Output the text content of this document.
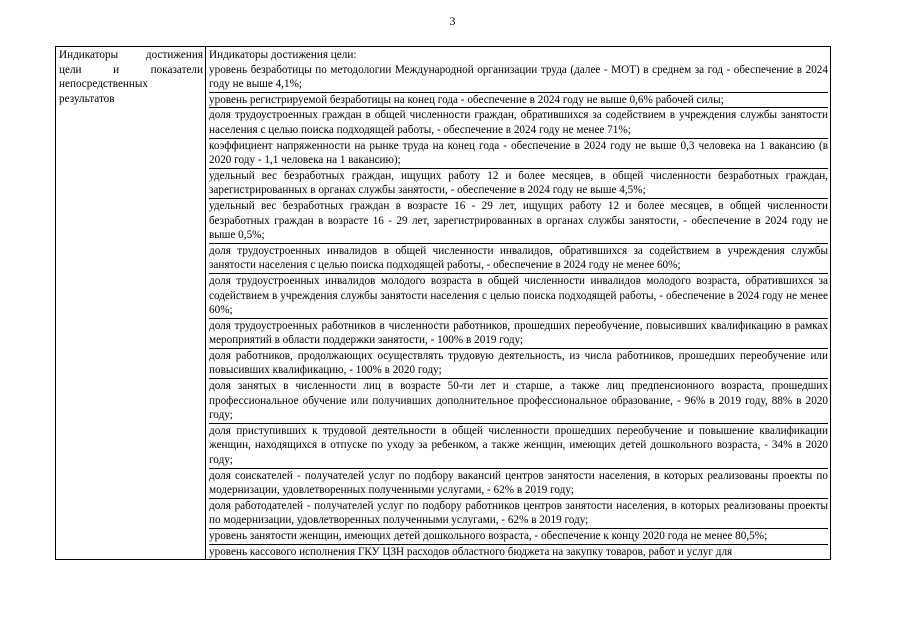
3
Индикаторы достижения цели и показатели непосредственных результатов	
Индикаторы достижения цели:
уровень безработицы по методологии Международной организации труда (далее - МОТ) в среднем за год - обеспечение в 2024 году не выше 4,1%;
уровень регистрируемой безработицы на конец года - обеспечение в 2024 году не выше 0,6% рабочей силы;
доля трудоустроенных граждан в общей численности граждан, обратившихся за содействием в учреждения службы занятости населения с целью поиска подходящей работы, - обеспечение в 2024 году не менее 71%;
коэффициент напряженности на рынке труда на конец года - обеспечение в 2024 году не выше 0,3 человека на 1 вакансию (в 2020 году - 1,1 человека на 1 вакансию);
удельный вес безработных граждан, ищущих работу 12 и более месяцев, в общей численности безработных граждан, зарегистрированных в органах службы занятости, - обеспечение в 2024 году не выше 4,5%;
удельный вес безработных граждан в возрасте 16 - 29 лет, ищущих работу 12 и более месяцев, в общей численности безработных граждан в возрасте 16 - 29 лет, зарегистрированных в органах службы занятости, - обеспечение в 2024 году не выше 0,5%;
доля трудоустроенных инвалидов в общей численности инвалидов, обратившихся за содействием в учреждения службы занятости населения с целью поиска подходящей работы, - обеспечение в 2024 году не менее 60%;
доля трудоустроенных инвалидов молодого возраста в общей численности инвалидов молодого возраста, обратившихся за содействием в учреждения службы занятости населения с целью поиска подходящей работы, - обеспечение в 2024 году не менее 60%;
доля трудоустроенных работников в численности работников, прошедших переобучение, повысивших квалификацию в рамках мероприятий в области поддержки занятости, - 100% в 2019 году;
доля работников, продолжающих осуществлять трудовую деятельность, из числа работников, прошедших переобучение или повысивших квалификацию, - 100% в 2020 году;
доля занятых в численности лиц в возрасте 50-ти лет и старше, а также лиц предпенсионного возраста, прошедших профессиональное обучение или получивших дополнительное профессиональное образование, - 96% в 2019 году, 88% в 2020 году;
доля приступивших к трудовой деятельности в общей численности прошедших переобучение и повышение квалификации женщин, находящихся в отпуске по уходу за ребенком, а также женщин, имеющих детей дошкольного возраста, - 34% в 2020 году;
доля соискателей - получателей услуг по подбору вакансий центров занятости населения, в которых реализованы проекты по модернизации, удовлетворенных полученными услугами, - 62% в 2019 году;
доля работодателей - получателей услуг по подбору работников центров занятости населения, в которых реализованы проекты по модернизации, удовлетворенных полученными услугами, - 62% в 2019 году;
уровень занятости женщин, имеющих детей дошкольного возраста, - обеспечение к концу 2020 года не менее 80,5%;
уровень кассового исполнения ГКУ ЦЗН расходов областного бюджета на закупку товаров, работ и услуг для
